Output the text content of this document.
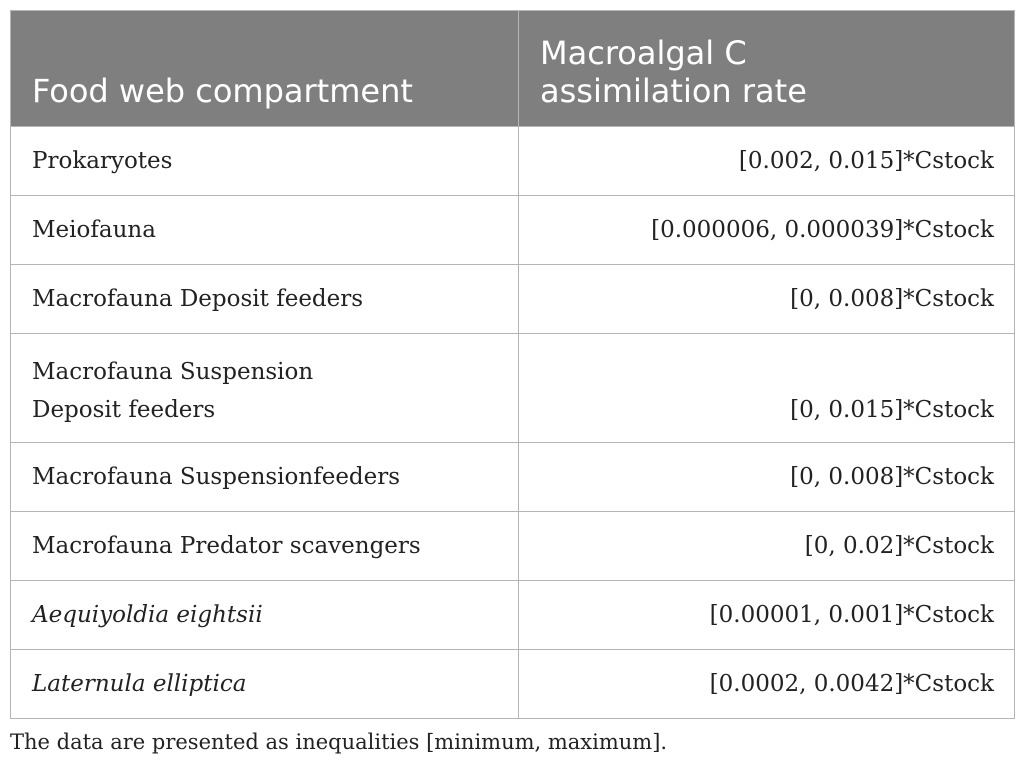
Food web compartment	Macroalgal C
assimilation rate
Prokaryotes	[0.002, 0.015]*Cstock
Meiofauna	[0.000006, 0.000039]*Cstock
Macrofauna Deposit feeders	[0, 0.008]*Cstock
Macrofauna Suspension
Deposit feeders	[0, 0.015]*Cstock
Macrofauna Suspensionfeeders	[0, 0.008]*Cstock
Macrofauna Predator scavengers	[0, 0.02]*Cstock
Aequiyoldia eightsii	[0.00001, 0.001]*Cstock
Laternula elliptica	[0.0002, 0.0042]*Cstock
The data are presented as inequalities [minimum, maximum].
